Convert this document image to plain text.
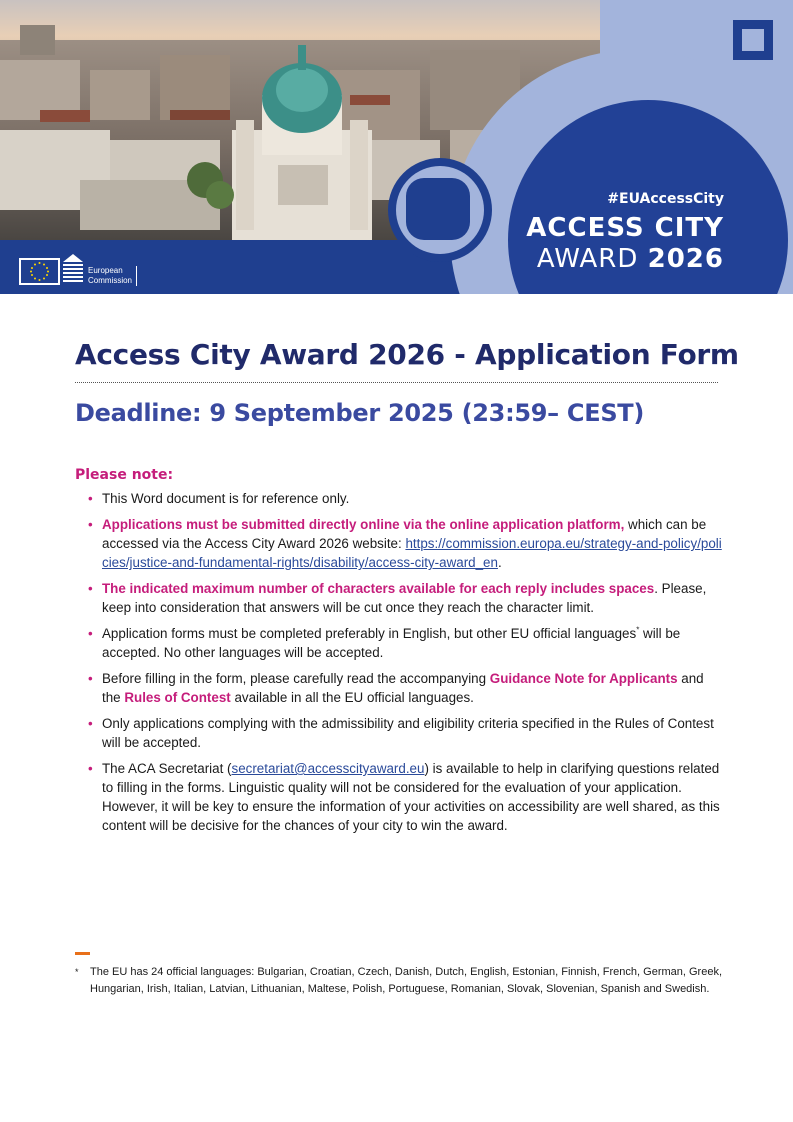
#EUAccessCity
ACCESS CITY
AWARD 2026
European
Commission
Access City Award 2026 - Application Form
Deadline: 9 September 2025 (23:59– CEST)
Please note:
• This Word document is for reference only.
• Applications must be submitted directly online via the online application platform, which can be accessed via the Access City Award 2026 website: https://commission.europa.eu/strategy-and-policy/policies/justice-and-fundamental-rights/disability/access-city-award_en.
• The indicated maximum number of characters available for each reply includes spaces. Please, keep into consideration that answers will be cut once they reach the character limit.
• Application forms must be completed preferably in English, but other EU official languages* will be accepted. No other languages will be accepted.
• Before filling in the form, please carefully read the accompanying Guidance Note for Applicants and the Rules of Contest available in all the EU official languages.
• Only applications complying with the admissibility and eligibility criteria specified in the Rules of Contest will be accepted.
• The ACA Secretariat (secretariat@accesscityaward.eu) is available to help in clarifying questions related to filling in the forms. Linguistic quality will not be considered for the evaluation of your application. However, it will be key to ensure the information of your activities on accessibility are well shared, as this content will be decisive for the chances of your city to win the award.
* The EU has 24 official languages: Bulgarian, Croatian, Czech, Danish, Dutch, English, Estonian, Finnish, French, German, Greek, Hungarian, Irish, Italian, Latvian, Lithuanian, Maltese, Polish, Portuguese, Romanian, Slovak, Slovenian, Spanish and Swedish.
